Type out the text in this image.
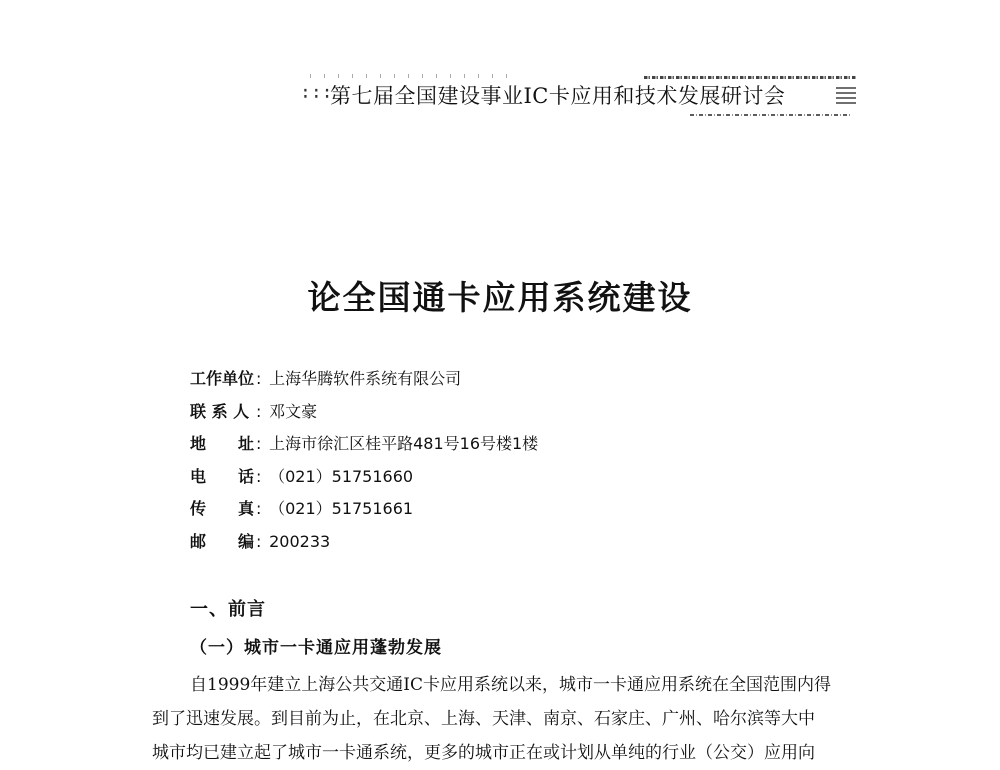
∶∶∶
第七届全国建设事业IC卡应用和技术发展研讨会
论全国通卡应用系统建设
工作单位 : 上海华腾软件系统有限公司
联 系 人 : 邓文豪
地　　址 : 上海市徐汇区桂平路481号16号楼1楼
电　　话 : （021）51751660
传　　真 : （021）51751661
邮　　编 : 200233
一、前言
（一）城市一卡通应用蓬勃发展
自1999年建立上海公共交通IC卡应用系统以来，城市一卡通应用系统在全国范围内得
到了迅速发展。到目前为止，在北京、上海、天津、南京、石家庄、广州、哈尔滨等大中
城市均已建立起了城市一卡通系统，更多的城市正在或计划从单纯的行业（公交）应用向
